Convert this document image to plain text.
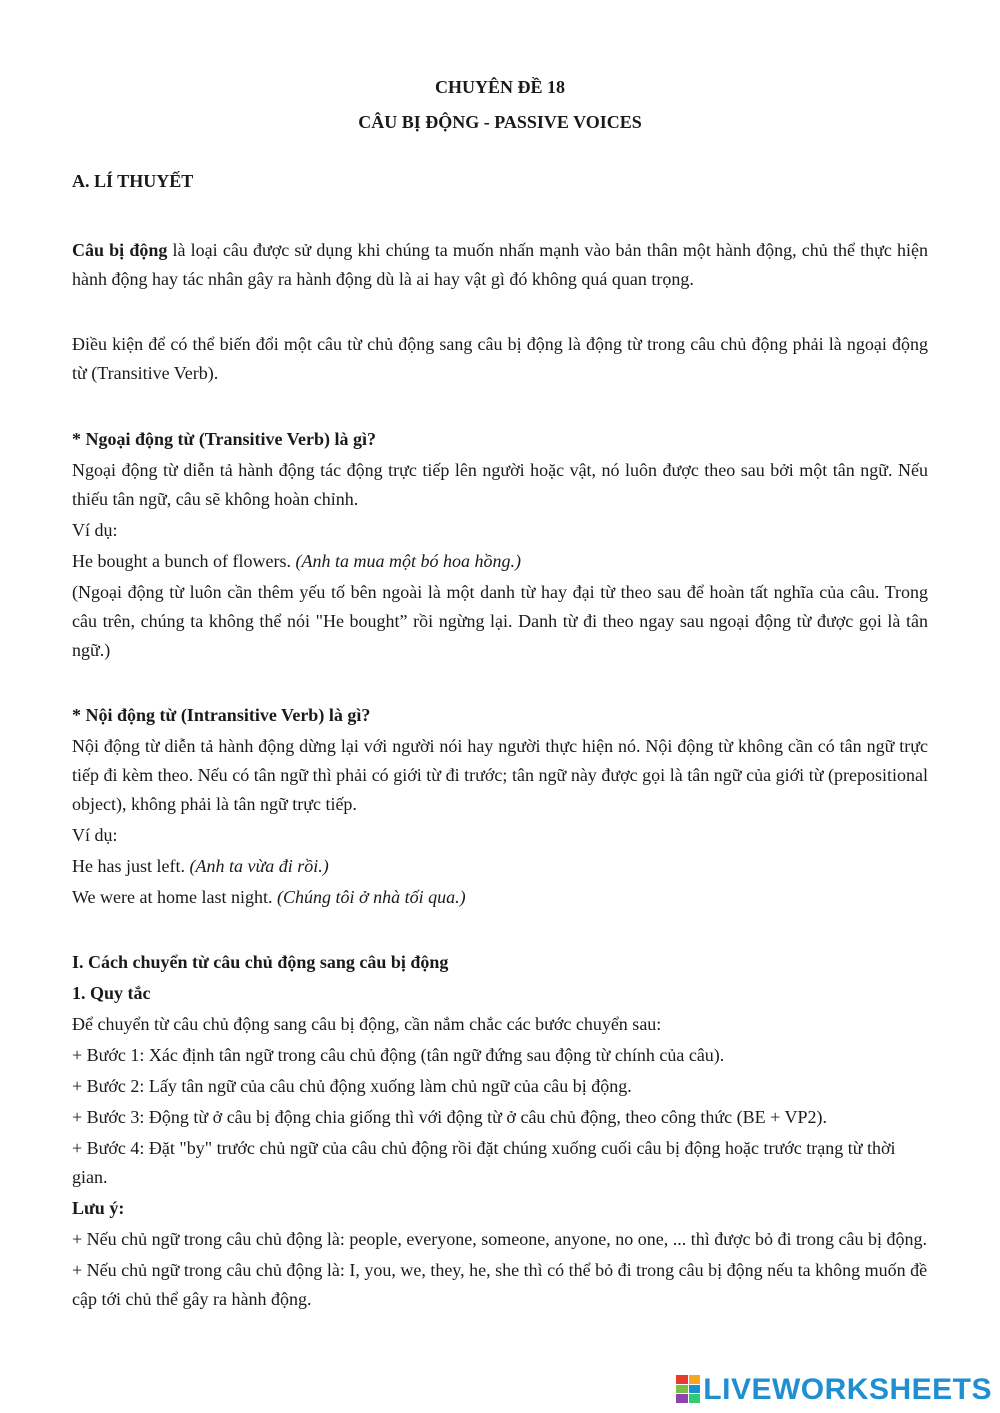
CHUYÊN ĐỀ 18

CÂU BỊ ĐỘNG - PASSIVE VOICES

A. LÍ THUYẾT

Câu bị động là loại câu được sử dụng khi chúng ta muốn nhấn mạnh vào bản thân một hành động, chủ thể thực hiện hành động hay tác nhân gây ra hành động dù là ai hay vật gì đó không quá quan trọng.

Điều kiện để có thể biến đổi một câu từ chủ động sang câu bị động là động từ trong câu chủ động phải là ngoại động từ (Transitive Verb).

* Ngoại động từ (Transitive Verb) là gì?

Ngoại động từ diễn tả hành động tác động trực tiếp lên người hoặc vật, nó luôn được theo sau bởi một tân ngữ. Nếu thiếu tân ngữ, câu sẽ không hoàn chỉnh.

Ví dụ:

He bought a bunch of flowers. (Anh ta mua một bó hoa hồng.)

(Ngoại động từ luôn cần thêm yếu tố bên ngoài là một danh từ hay đại từ theo sau để hoàn tất nghĩa của câu. Trong câu trên, chúng ta không thể nói "He bought” rồi ngừng lại. Danh từ đi theo ngay sau ngoại động từ được gọi là tân ngữ.)

* Nội động từ (Intransitive Verb) là gì?

Nội động từ diễn tả hành động dừng lại với người nói hay người thực hiện nó. Nội động từ không cần có tân ngữ trực tiếp đi kèm theo. Nếu có tân ngữ thì phải có giới từ đi trước; tân ngữ này được gọi là tân ngữ của giới từ (prepositional object), không phải là tân ngữ trực tiếp.

Ví dụ:

He has just left. (Anh ta vừa đi rồi.)

We were at home last night. (Chúng tôi ở nhà tối qua.)

I. Cách chuyển từ câu chủ động sang câu bị động

1. Quy tắc

Để chuyển từ câu chủ động sang câu bị động, cần nắm chắc các bước chuyển sau:

+ Bước 1: Xác định tân ngữ trong câu chủ động (tân ngữ đứng sau động từ chính của câu).

+ Bước 2: Lấy tân ngữ của câu chủ động xuống làm chủ ngữ của câu bị động.

+ Bước 3: Động từ ở câu bị động chia giống thì với động từ ở câu chủ động, theo công thức (BE + VP2).

+ Bước 4: Đặt "by" trước chủ ngữ của câu chủ động rồi đặt chúng xuống cuối câu bị động hoặc trước trạng từ thời gian.

Lưu ý:

+ Nếu chủ ngữ trong câu chủ động là: people, everyone, someone, anyone, no one, ... thì được bỏ đi trong câu bị động.

+ Nếu chủ ngữ trong câu chủ động là: I, you, we, they, he, she thì có thể bỏ đi trong câu bị động nếu ta không muốn đề cập tới chủ thể gây ra hành động.

LIVEWORKSHEETS
